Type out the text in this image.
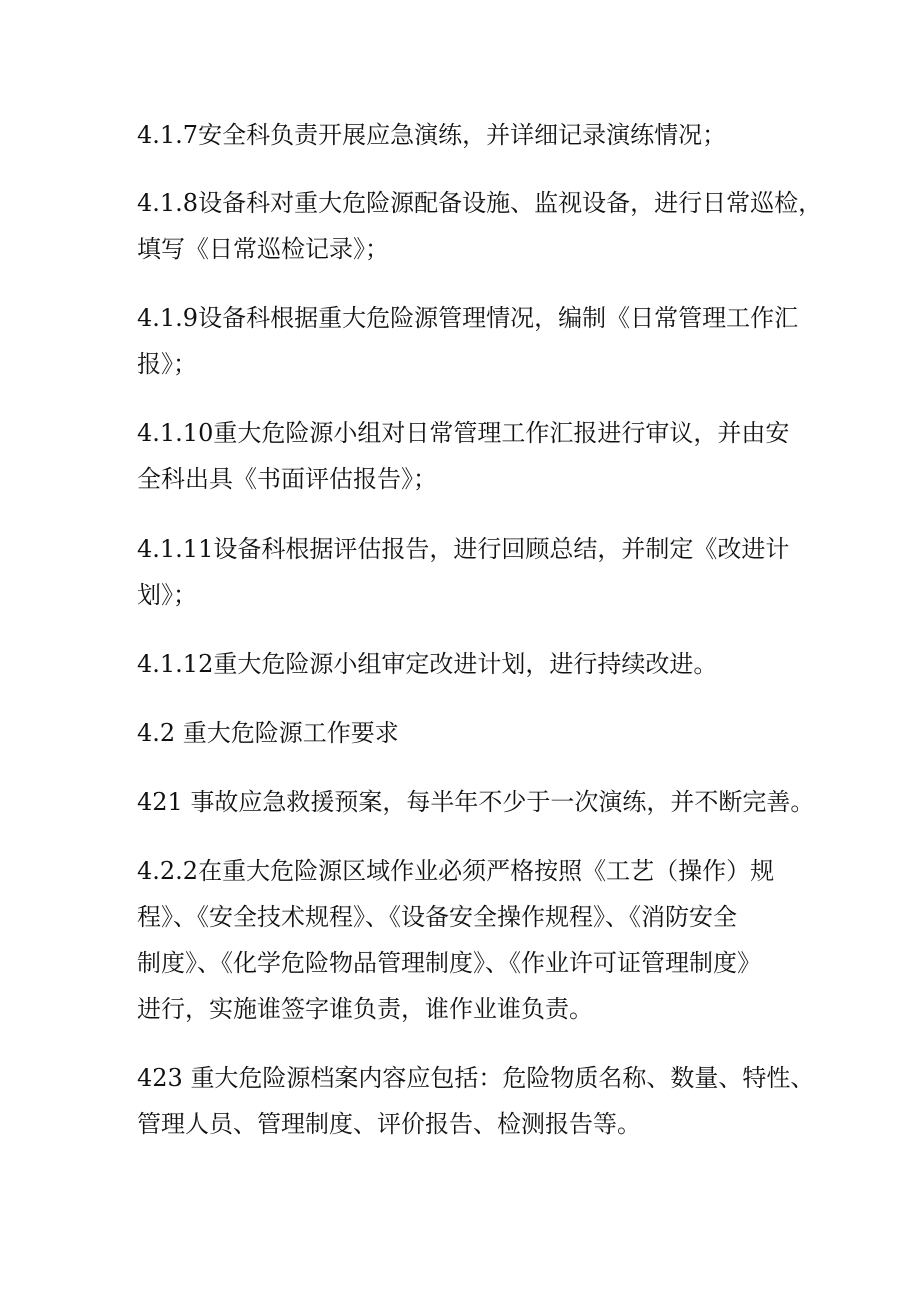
4.1.7安全科负责开展应急演练，并详细记录演练情况；

4.1.8设备科对重大危险源配备设施、监视设备，进行日常巡检，
填写《日常巡检记录》；

4.1.9设备科根据重大危险源管理情况，编制《日常管理工作汇
报》；

4.1.10重大危险源小组对日常管理工作汇报进行审议，并由安
全科出具《书面评估报告》；

4.1.11设备科根据评估报告，进行回顾总结，并制定《改进计
划》；

4.1.12重大危险源小组审定改进计划，进行持续改进。

4.2 重大危险源工作要求

421 事故应急救援预案，每半年不少于一次演练，并不断完善。

4.2.2在重大危险源区域作业必须严格按照《工艺（操作）规
程》、《安全技术规程》、《设备安全操作规程》、《消防安全
制度》、《化学危险物品管理制度》、《作业许可证管理制度》
进行，实施谁签字谁负责，谁作业谁负责。

423 重大危险源档案内容应包括：危险物质名称、数量、特性、
管理人员、管理制度、评价报告、检测报告等。
